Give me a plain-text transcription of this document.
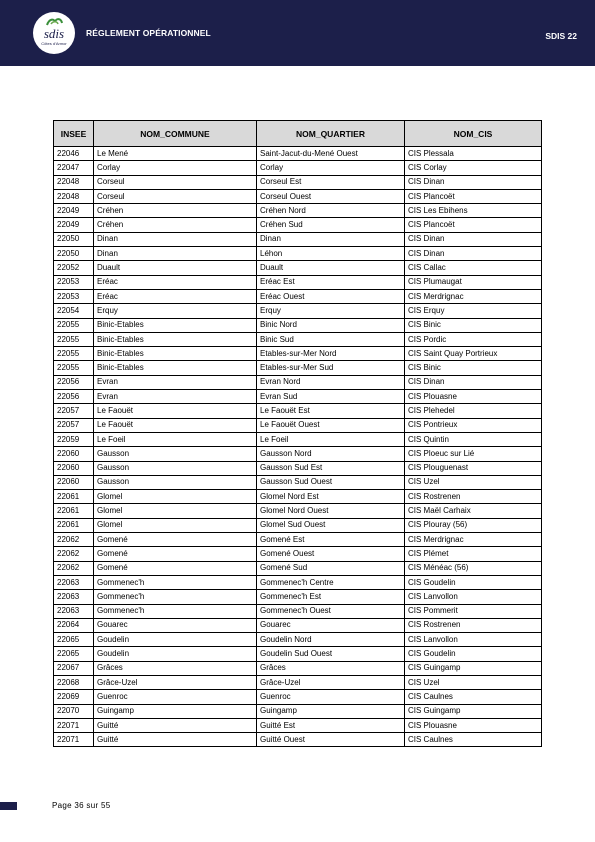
sdis
Côtes d'Armor
RÉGLEMENT OPÉRATIONNEL	SDIS 22
INSEE	NOM_COMMUNE	NOM_QUARTIER	NOM_CIS
22046	Le Mené	Saint-Jacut-du-Mené Ouest	CIS Plessala
22047	Corlay	Corlay	CIS Corlay
22048	Corseul	Corseul Est	CIS Dinan
22048	Corseul	Corseul Ouest	CIS Plancoët
22049	Créhen	Créhen Nord	CIS Les Ebihens
22049	Créhen	Créhen Sud	CIS Plancoët
22050	Dinan	Dinan	CIS Dinan
22050	Dinan	Léhon	CIS Dinan
22052	Duault	Duault	CIS Callac
22053	Eréac	Eréac Est	CIS Plumaugat
22053	Eréac	Eréac Ouest	CIS Merdrignac
22054	Erquy	Erquy	CIS Erquy
22055	Binic-Etables	Binic Nord	CIS Binic
22055	Binic-Etables	Binic Sud	CIS Pordic
22055	Binic-Etables	Etables-sur-Mer Nord	CIS Saint Quay Portrieux
22055	Binic-Etables	Etables-sur-Mer Sud	CIS Binic
22056	Evran	Evran Nord	CIS Dinan
22056	Evran	Evran Sud	CIS Plouasne
22057	Le Faouët	Le Faouët Est	CIS Plehedel
22057	Le Faouët	Le Faouët Ouest	CIS Pontrieux
22059	Le Foeil	Le Foeil	CIS Quintin
22060	Gausson	Gausson Nord	CIS Ploeuc sur Lié
22060	Gausson	Gausson Sud Est	CIS Plouguenast
22060	Gausson	Gausson Sud Ouest	CIS Uzel
22061	Glomel	Glomel Nord Est	CIS Rostrenen
22061	Glomel	Glomel Nord Ouest	CIS Maël Carhaix
22061	Glomel	Glomel Sud Ouest	CIS Plouray (56)
22062	Gomené	Gomené Est	CIS Merdrignac
22062	Gomené	Gomené Ouest	CIS Plémet
22062	Gomené	Gomené Sud	CIS Ménéac (56)
22063	Gommenec'h	Gommenec'h Centre	CIS Goudelin
22063	Gommenec'h	Gommenec'h Est	CIS Lanvollon
22063	Gommenec'h	Gommenec'h Ouest	CIS Pommerit
22064	Gouarec	Gouarec	CIS Rostrenen
22065	Goudelin	Goudelin Nord	CIS Lanvollon
22065	Goudelin	Goudelin Sud Ouest	CIS Goudelin
22067	Grâces	Grâces	CIS Guingamp
22068	Grâce-Uzel	Grâce-Uzel	CIS Uzel
22069	Guenroc	Guenroc	CIS Caulnes
22070	Guingamp	Guingamp	CIS Guingamp
22071	Guitté	Guitté Est	CIS Plouasne
22071	Guitté	Guitté Ouest	CIS Caulnes
Page 36 sur 55
